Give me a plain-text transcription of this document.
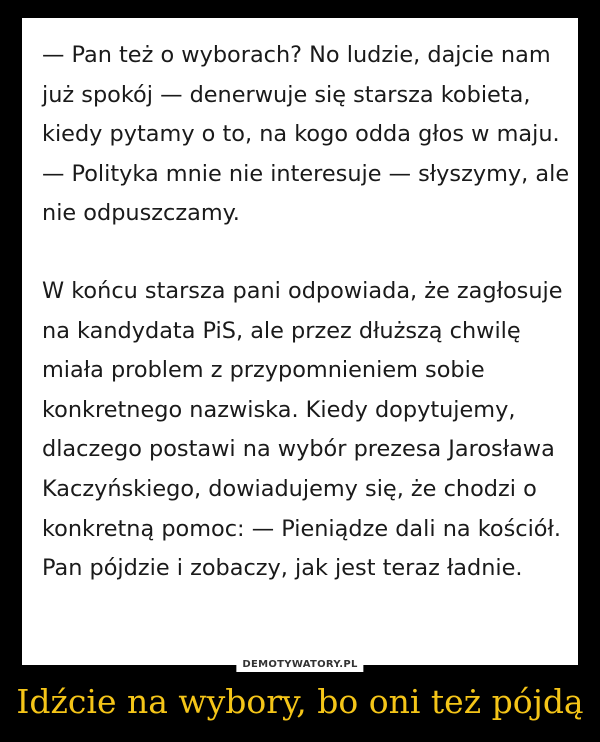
— Pan też o wyborach? No ludzie, dajcie nam
już spokój — denerwuje się starsza kobieta,
kiedy pytamy o to, na kogo odda głos w maju.
— Polityka mnie nie interesuje — słyszymy, ale
nie odpuszczamy.
W końcu starsza pani odpowiada, że zagłosuje
na kandydata PiS, ale przez dłuższą chwilę
miała problem z przypomnieniem sobie
konkretnego nazwiska. Kiedy dopytujemy,
dlaczego postawi na wybór prezesa Jarosława
Kaczyńskiego, dowiadujemy się, że chodzi o
konkretną pomoc: — Pieniądze dali na kościół.
Pan pójdzie i zobaczy, jak jest teraz ładnie.
DEMOTYWATORY.PL
Idźcie na wybory, bo oni też pójdą
